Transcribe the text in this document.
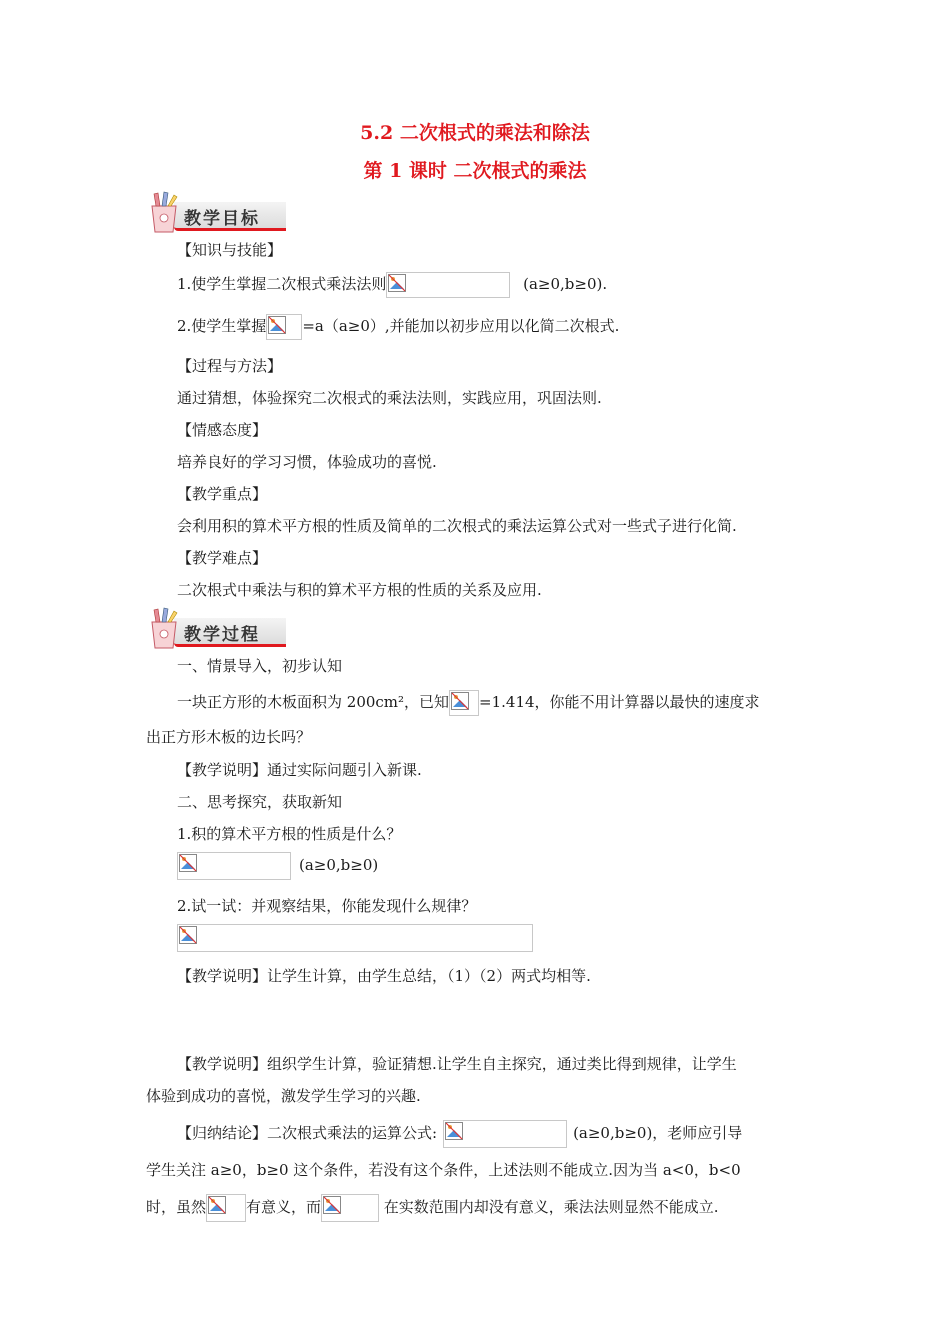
5.2 二次根式的乘法和除法
第 1 课时 二次根式的乘法
教学目标
【知识与技能】
1.使学生掌握二次根式乘法法则	(a≥0,b≥0).
2.使学生掌握 =a（a≥0）,并能加以初步应用以化简二次根式.
【过程与方法】
通过猜想，体验探究二次根式的乘法法则，实践应用，巩固法则.
【情感态度】
培养良好的学习习惯，体验成功的喜悦.
【教学重点】
会利用积的算术平方根的性质及简单的二次根式的乘法运算公式对一些式子进行化简.
【教学难点】
二次根式中乘法与积的算术平方根的性质的关系及应用.
教学过程
一、情景导入，初步认知
一块正方形的木板面积为 200cm²，已知 =1.414，你能不用计算器以最快的速度求
出正方形木板的边长吗？
【教学说明】通过实际问题引入新课.
二、思考探究，获取新知
1.积的算术平方根的性质是什么？
(a≥0,b≥0)
2.试一试：并观察结果，你能发现什么规律？
【教学说明】让学生计算，由学生总结，（1）（2）两式均相等.
【教学说明】组织学生计算，验证猜想.让学生自主探究，通过类比得到规律，让学生
体验到成功的喜悦，激发学生学习的兴趣.
【归纳结论】二次根式乘法的运算公式:	(a≥0,b≥0)，老师应引导
学生关注 a≥0，b≥0 这个条件，若没有这个条件，上述法则不能成立.因为当 a<0，b<0
时，虽然	有意义，而	在实数范围内却没有意义，乘法法则显然不能成立.
